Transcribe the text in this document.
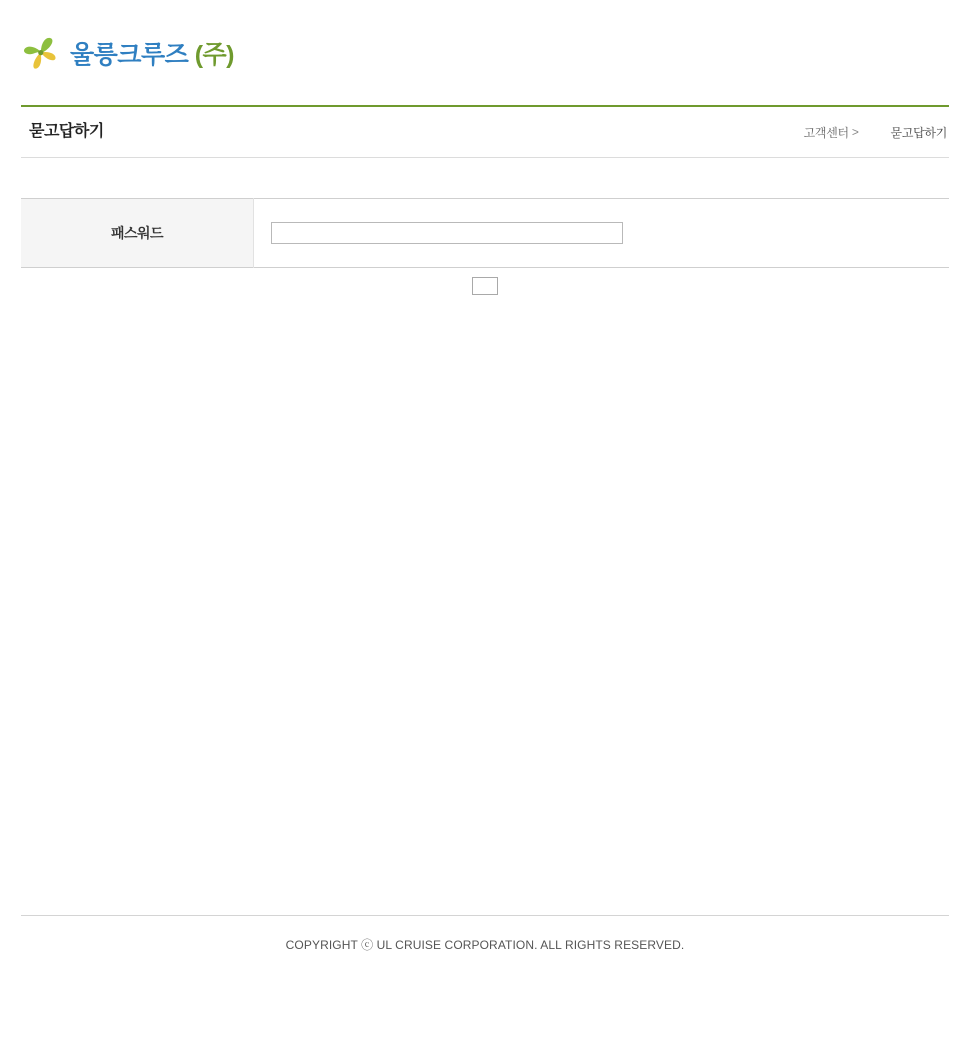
울릉크루즈 (주)
묻고답하기	고객센터 >	묻고답하기
패스워드	
COPYRIGHT ⓒ UL CRUISE CORPORATION. ALL RIGHTS RESERVED.
